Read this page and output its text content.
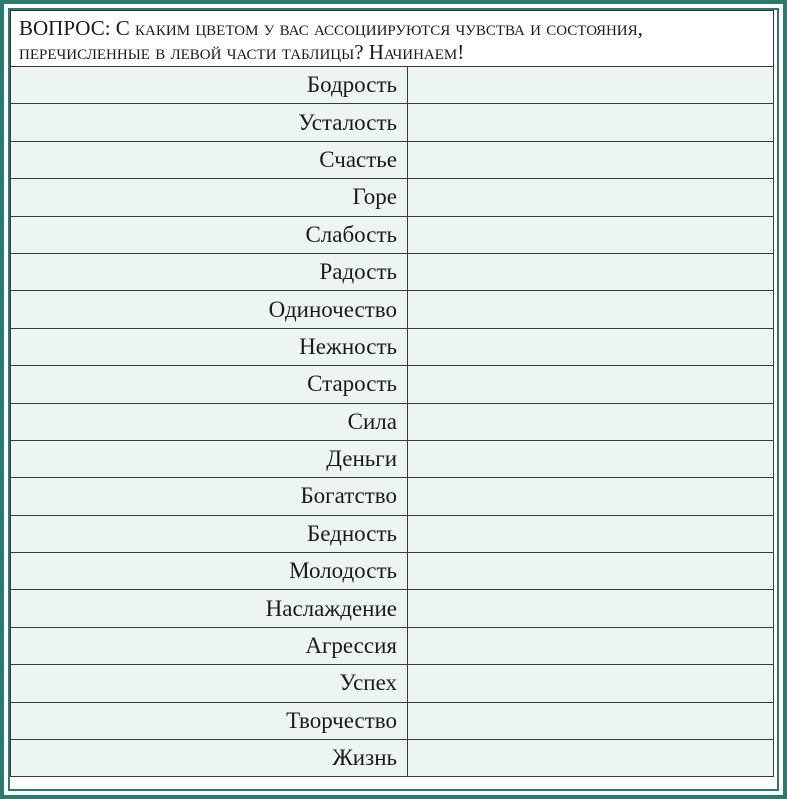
ВОПРОС: С каким цветом у вас ассоциируются чувства и состояния, перечисленные в левой части таблицы? Начинаем!
Бодрость	
Усталость	
Счастье	
Горе	
Слабость	
Радость	
Одиночество	
Нежность	
Старость	
Сила	
Деньги	
Богатство	
Бедность	
Молодость	
Наслаждение	
Агрессия	
Успех	
Творчество	
Жизнь	
